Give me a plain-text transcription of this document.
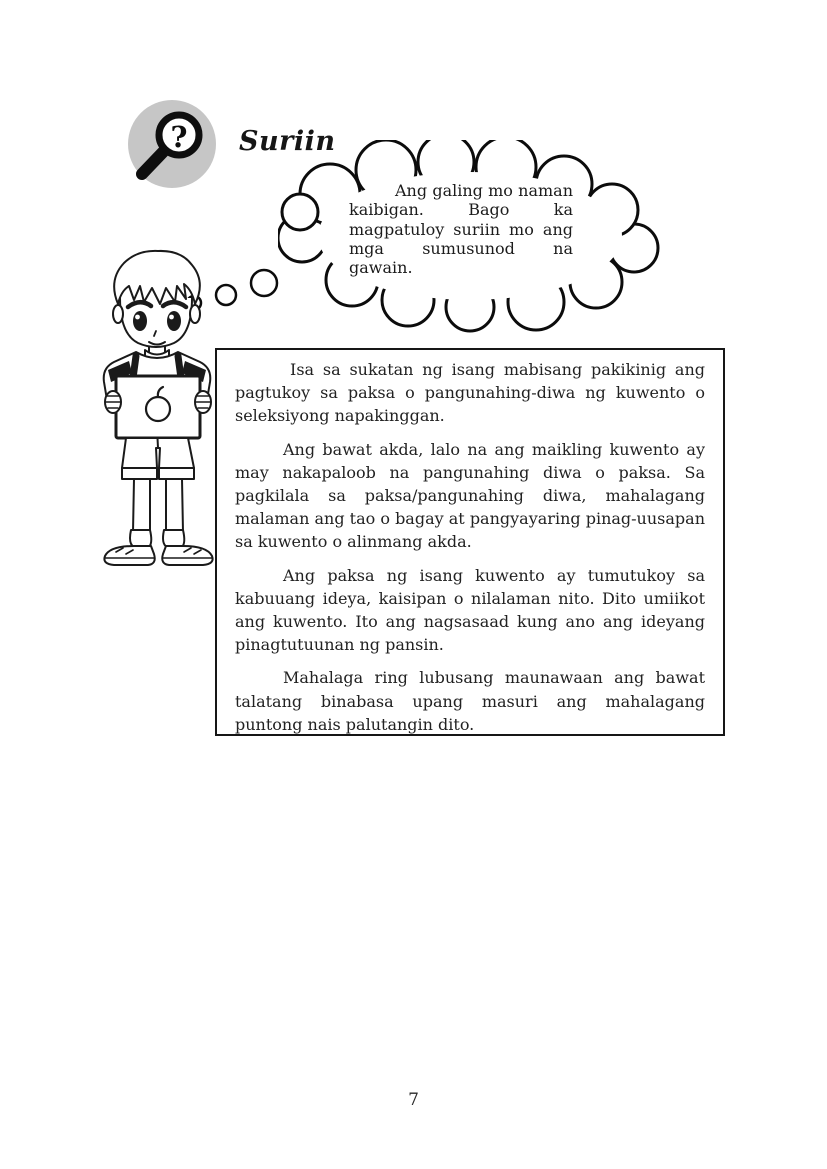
? Suriin
Ang galing mo naman kaibigan. Bago ka magpatuloy suriin mo ang mga sumusunod na gawain.

Isa sa sukatan ng isang mabisang pakikinig ang pagtukoy sa paksa o pangunahing-diwa ng kuwento o seleksiyong napakinggan.

Ang bawat akda, lalo na ang maikling kuwento ay may nakapaloob na pangunahing diwa o paksa. Sa pagkilala sa paksa/pangunahing diwa, mahalagang malaman ang tao o bagay at pangyayaring pinag-uusapan sa kuwento o alinmang akda.

Ang paksa ng isang kuwento ay tumutukoy sa kabuuang ideya, kaisipan o nilalaman nito. Dito umiikot ang kuwento. Ito ang nagsasaad kung ano ang ideyang pinagtutuunan ng pansin.

Mahalaga ring lubusang maunawaan ang bawat talatang binabasa upang masuri ang mahalagang puntong nais palutangin dito.

7
